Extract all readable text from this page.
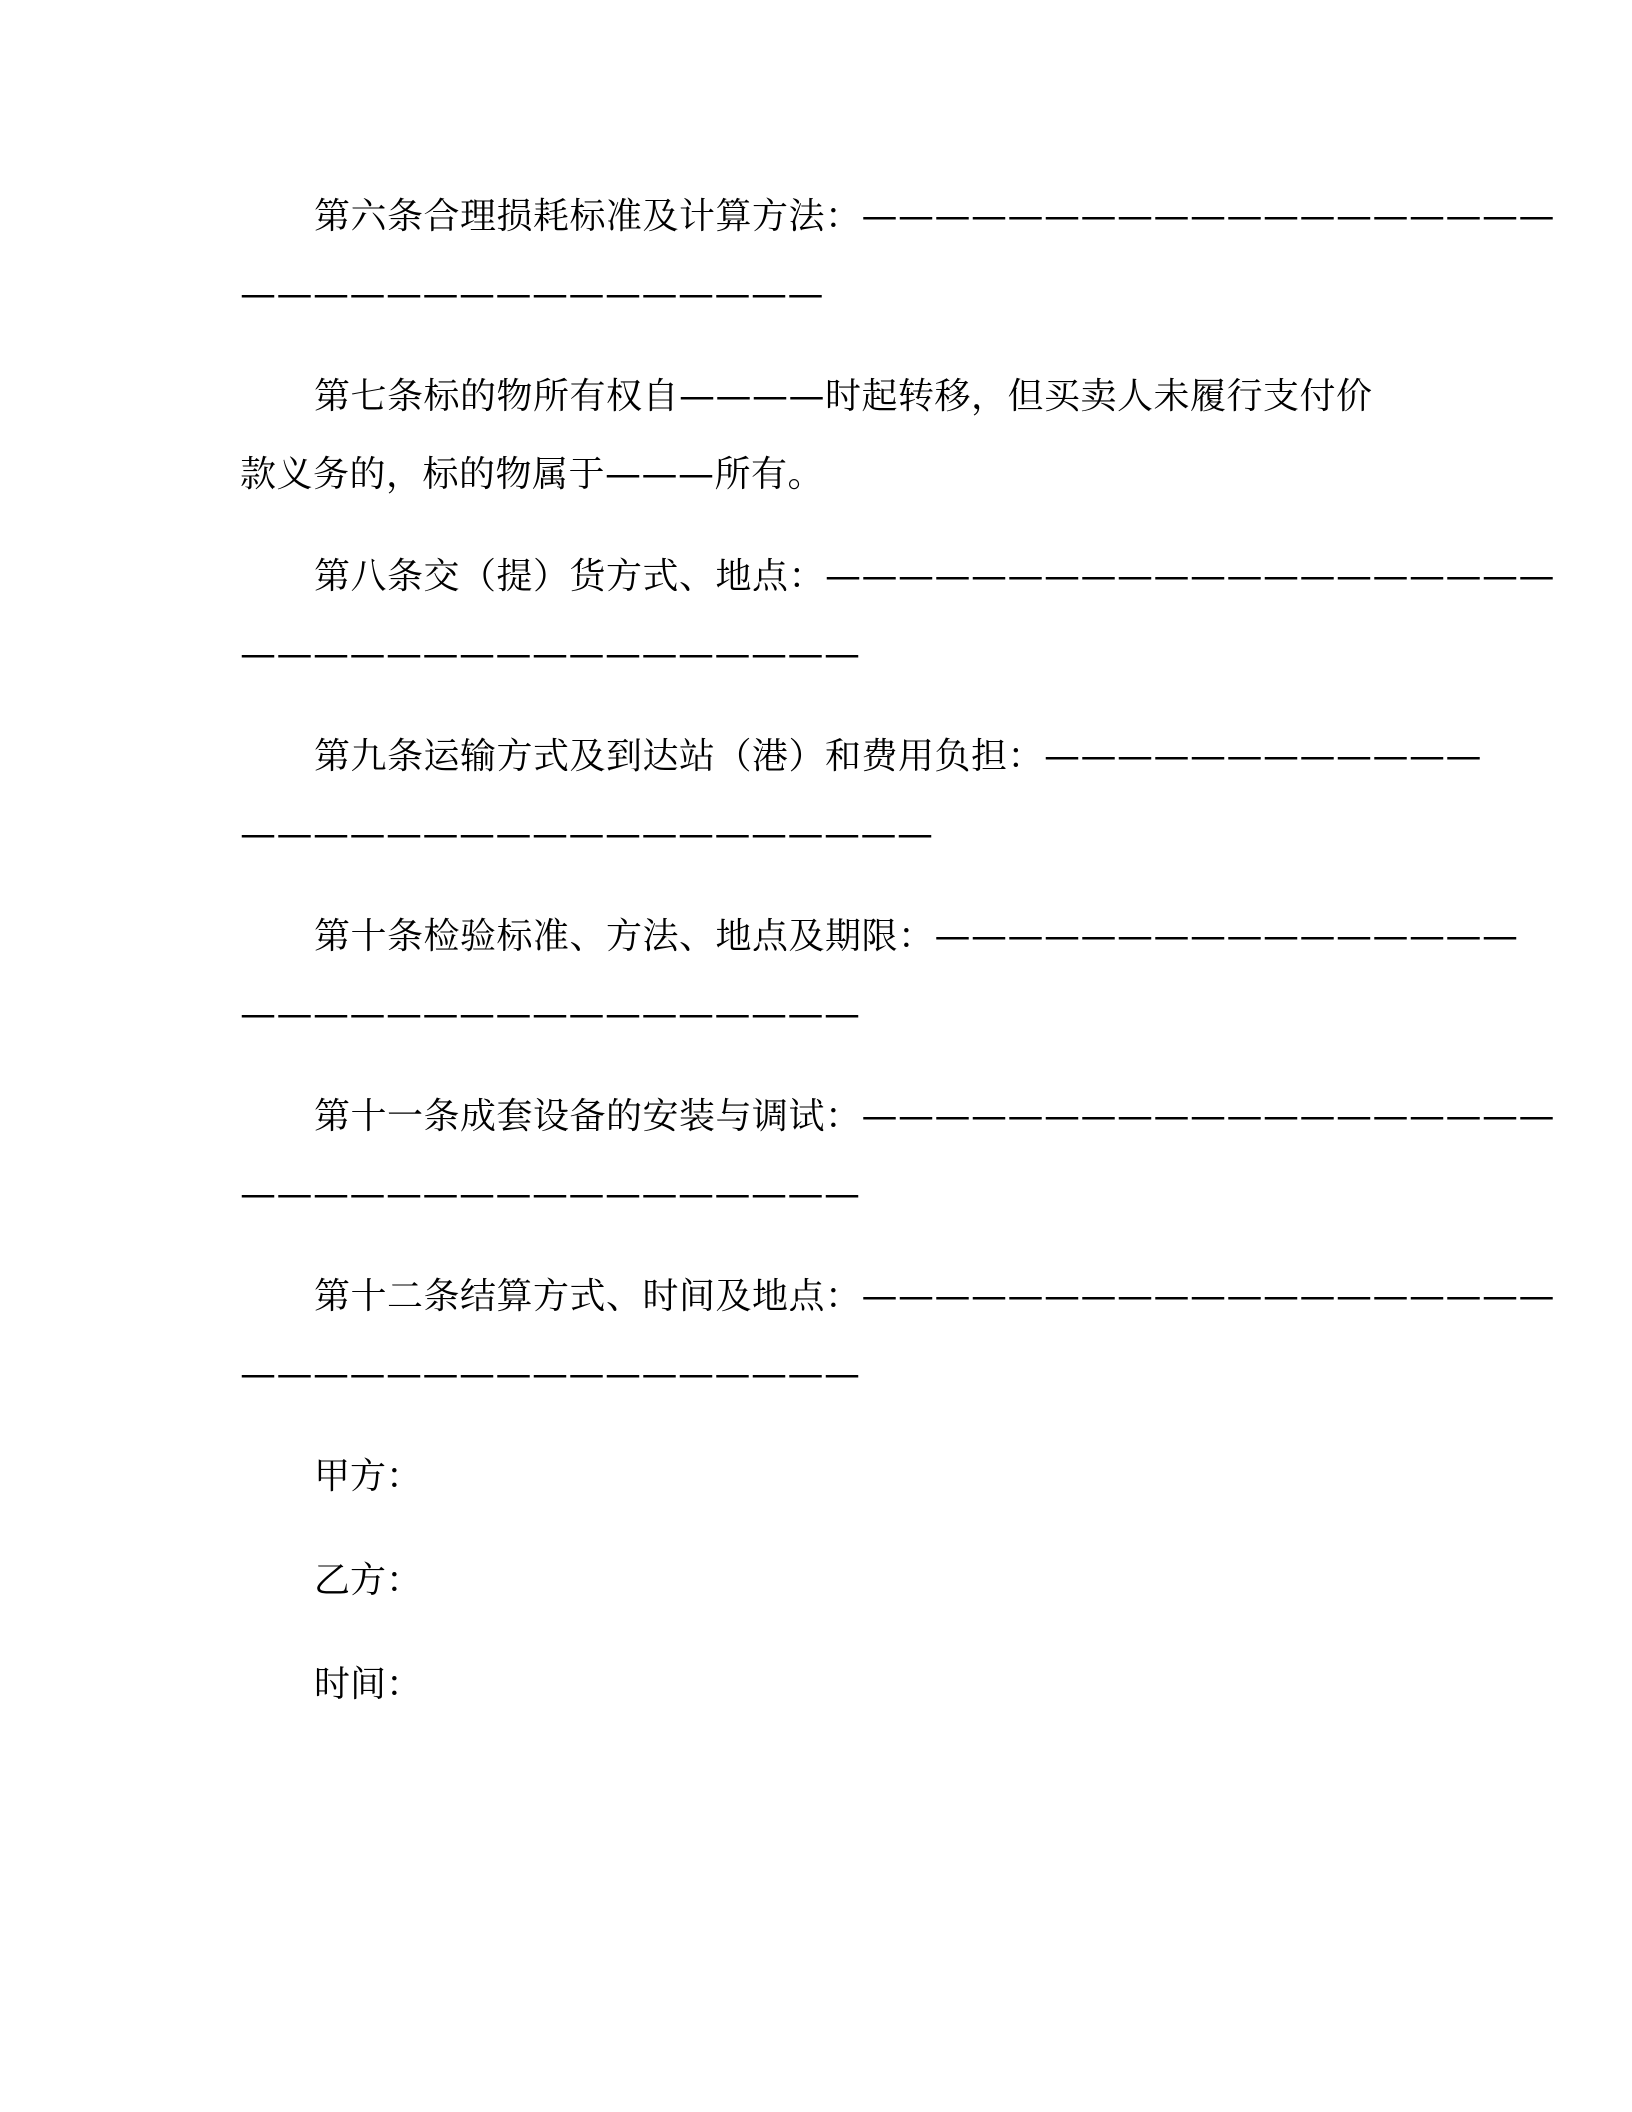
第六条合理损耗标准及计算方法：———————————————————
————————————————
第七条标的物所有权自————时起转移，但买卖人未履行支付价
款义务的，标的物属于———所有。
第八条交（提）货方式、地点：————————————————————
—————————————————
第九条运输方式及到达站（港）和费用负担：————————————
———————————————————
第十条检验标准、方法、地点及期限：————————————————
—————————————————
第十一条成套设备的安装与调试：———————————————————
—————————————————
第十二条结算方式、时间及地点：———————————————————
—————————————————
甲方：
乙方：
时间：
